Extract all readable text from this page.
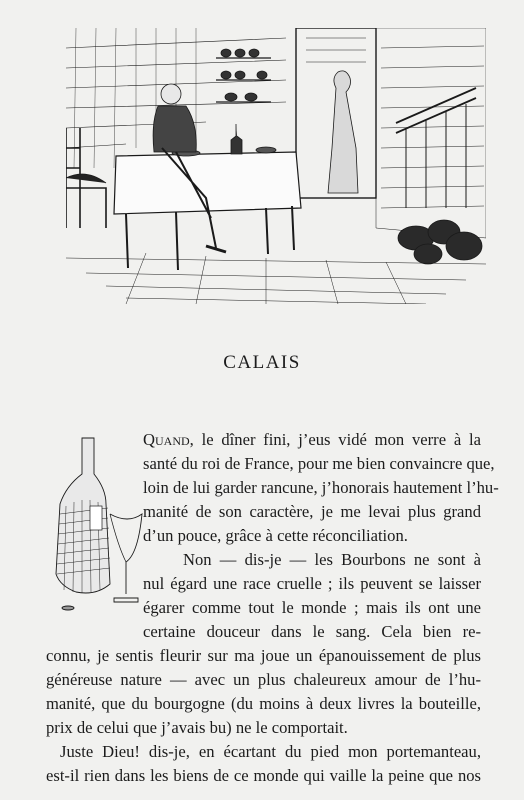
CALAIS
Quand, le dîner fini, j’eus vidé mon verre à la
santé du roi de France, pour me bien convaincre que,
loin de lui garder rancune, j’honorais hautement l’hu-
manité de son caractère, je me levai plus grand
d’un pouce, grâce à cette réconciliation.
Non — dis-je — les Bourbons ne sont à
nul égard une race cruelle ; ils peuvent se laisser
égarer comme tout le monde ; mais ils ont une
certaine douceur dans le sang. Cela bien re-
connu, je sentis fleurir sur ma joue un épanouissement de plus
généreuse nature — avec un plus chaleureux amour de l’hu-
manité, que du bourgogne (du moins à deux livres la bouteille,
prix de celui que j’avais bu) ne le comportait.
Juste Dieu! dis-je, en écartant du pied mon portemanteau,
est-il rien dans les biens de ce monde qui vaille la peine que nos
